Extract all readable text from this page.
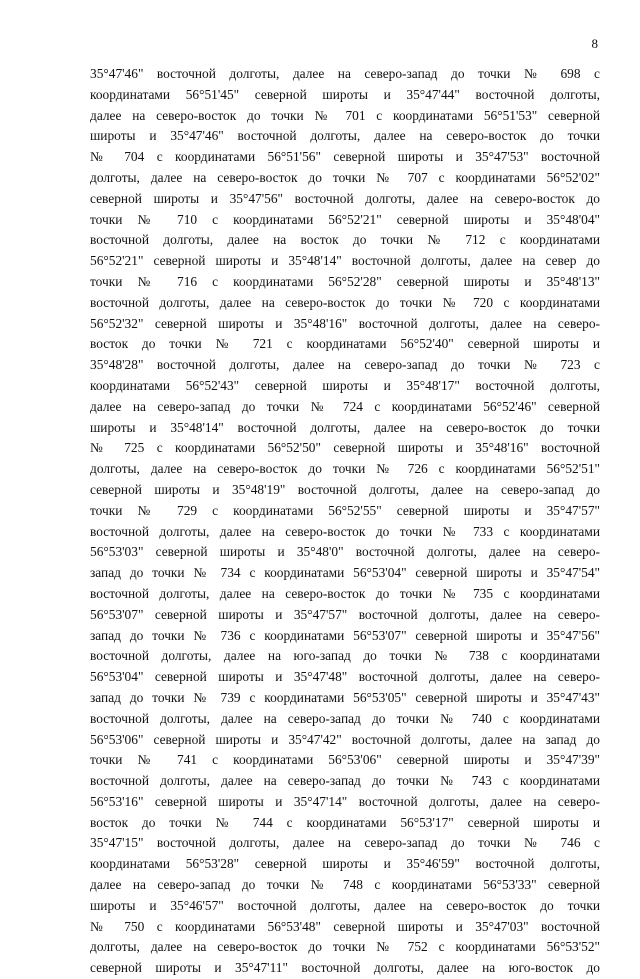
8
35°47'46" восточной долготы, далее на северо-запад до точки № 698 с
координатами 56°51'45" северной широты и 35°47'44" восточной долготы,
далее на северо-восток до точки № 701 с координатами 56°51'53" северной
широты и 35°47'46" восточной долготы, далее на северо-восток до точки
№ 704 с координатами 56°51'56" северной широты и 35°47'53" восточной
долготы, далее на северо-восток до точки № 707 с координатами 56°52'02"
северной широты и 35°47'56" восточной долготы, далее на северо-восток до
точки № 710 с координатами 56°52'21" северной широты и 35°48'04"
восточной долготы, далее на восток до точки № 712 с координатами
56°52'21" северной широты и 35°48'14" восточной долготы, далее на север до
точки № 716 с координатами 56°52'28" северной широты и 35°48'13"
восточной долготы, далее на северо-восток до точки № 720 с координатами
56°52'32" северной широты и 35°48'16" восточной долготы, далее на северо-
восток до точки № 721 с координатами 56°52'40" северной широты и
35°48'28" восточной долготы, далее на северо-запад до точки № 723 с
координатами 56°52'43" северной широты и 35°48'17" восточной долготы,
далее на северо-запад до точки № 724 с координатами 56°52'46" северной
широты и 35°48'14" восточной долготы, далее на северо-восток до точки
№ 725 с координатами 56°52'50" северной широты и 35°48'16" восточной
долготы, далее на северо-восток до точки № 726 с координатами 56°52'51"
северной широты и 35°48'19" восточной долготы, далее на северо-запад до
точки № 729 с координатами 56°52'55" северной широты и 35°47'57"
восточной долготы, далее на северо-восток до точки № 733 с координатами
56°53'03" северной широты и 35°48'0" восточной долготы, далее на северо-
запад до точки № 734 с координатами 56°53'04" северной широты и 35°47'54"
восточной долготы, далее на северо-восток до точки № 735 с координатами
56°53'07" северной широты и 35°47'57" восточной долготы, далее на северо-
запад до точки № 736 с координатами 56°53'07" северной широты и 35°47'56"
восточной долготы, далее на юго-запад до точки № 738 с координатами
56°53'04" северной широты и 35°47'48" восточной долготы, далее на северо-
запад до точки № 739 с координатами 56°53'05" северной широты и 35°47'43"
восточной долготы, далее на северо-запад до точки № 740 с координатами
56°53'06" северной широты и 35°47'42" восточной долготы, далее на запад до
точки № 741 с координатами 56°53'06" северной широты и 35°47'39"
восточной долготы, далее на северо-запад до точки № 743 с координатами
56°53'16" северной широты и 35°47'14" восточной долготы, далее на северо-
восток до точки № 744 с координатами 56°53'17" северной широты и
35°47'15" восточной долготы, далее на северо-запад до точки № 746 с
координатами 56°53'28" северной широты и 35°46'59" восточной долготы,
далее на северо-запад до точки № 748 с координатами 56°53'33" северной
широты и 35°46'57" восточной долготы, далее на северо-восток до точки
№ 750 с координатами 56°53'48" северной широты и 35°47'03" восточной
долготы, далее на северо-восток до точки № 752 с координатами 56°53'52"
северной широты и 35°47'11" восточной долготы, далее на юго-восток до
